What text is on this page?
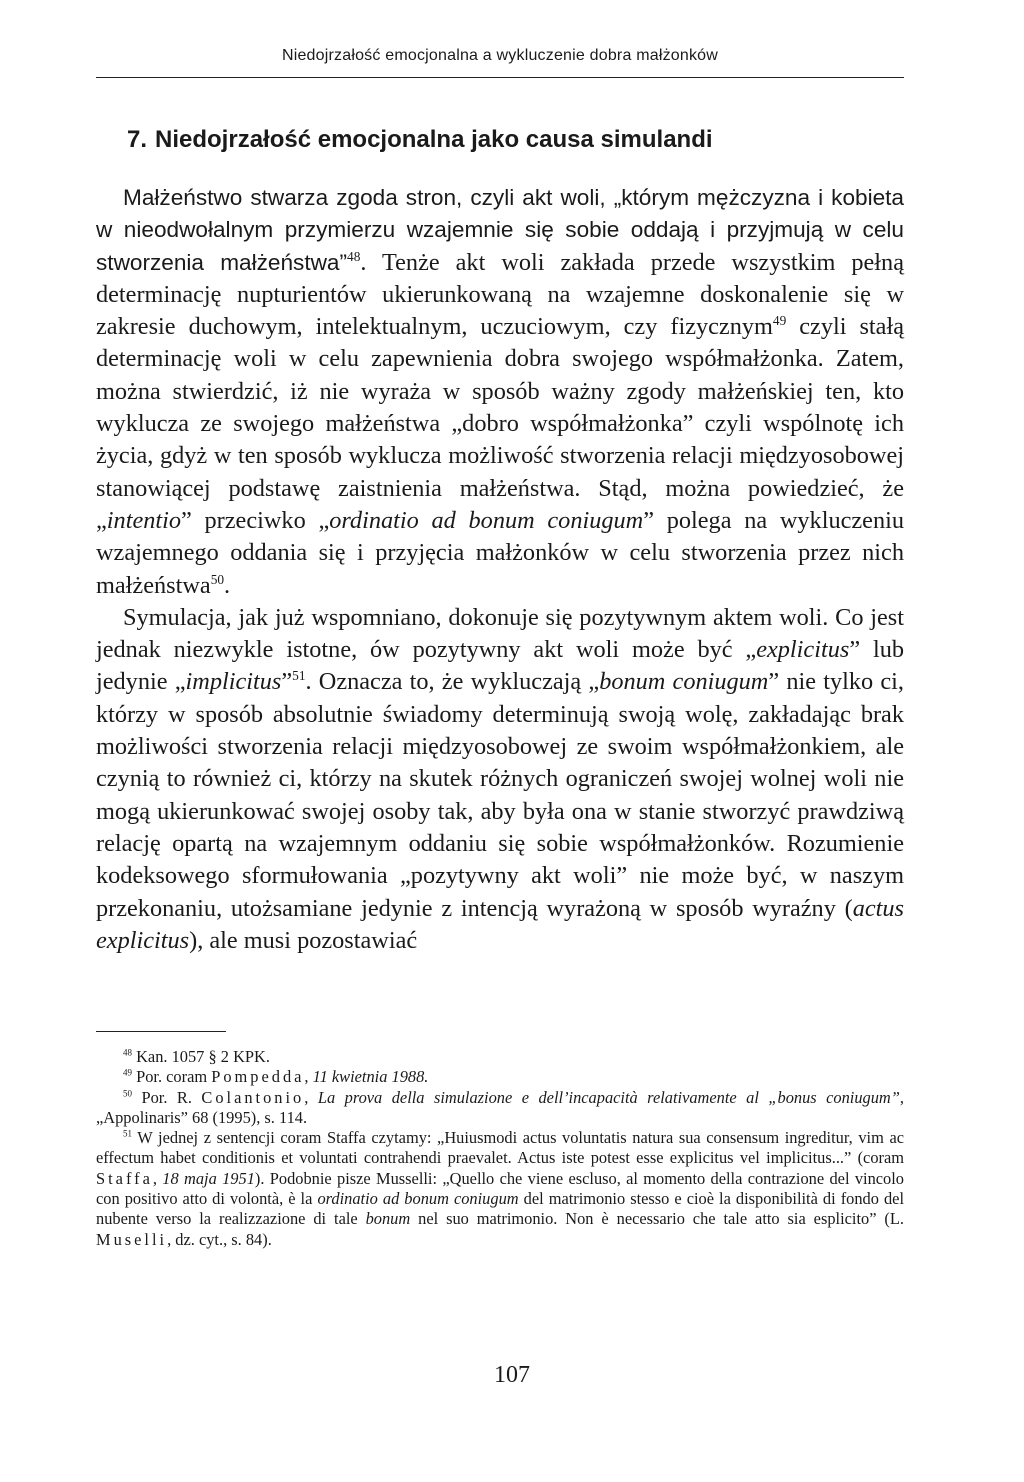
Niedojrzałość emocjonalna a wykluczenie dobra małżonków
7. Niedojrzałość emocjonalna jako causa simulandi

Małżeństwo stwarza zgoda stron, czyli akt woli, „którym mężczyzna i kobieta w nieodwołalnym przymierzu wzajemnie się sobie oddają i przyjmują w celu stworzenia małżeństwa”$^{48}$. Tenże akt woli zakłada przede wszystkim pełną determinację nupturientów ukierunkowaną na wzajemne doskonalenie się w zakresie duchowym, intelektualnym, uczuciowym, czy fizycznym$^{49}$ czyli stałą determinację woli w celu zapewnienia dobra swojego współmałżonka. Zatem, można stwierdzić, iż nie wyraża w sposób ważny zgody małżeńskiej ten, kto wyklucza ze swojego małżeństwa „dobro współmałżonka” czyli wspólnotę ich życia, gdyż w ten sposób wyklucza możliwość stworzenia relacji międzyosobowej stanowiącej podstawę zaistnienia małżeństwa. Stąd, można powiedzieć, że „intentio” przeciwko „ordinatio ad bonum coniugum” polega na wykluczeniu wzajemnego oddania się i przyjęcia małżonków w celu stworzenia przez nich małżeństwa$^{50}$.

Symulacja, jak już wspomniano, dokonuje się pozytywnym aktem woli. Co jest jednak niezwykle istotne, ów pozytywny akt woli może być „explicitus” lub jedynie „implicitus”$^{51}$. Oznacza to, że wykluczają „bonum coniugum” nie tylko ci, którzy w sposób absolutnie świadomy determinują swoją wolę, zakładając brak możliwości stworzenia relacji międzyosobowej ze swoim współmałżonkiem, ale czynią to również ci, którzy na skutek różnych ograniczeń swojej wolnej woli nie mogą ukierunkować swojej osoby tak, aby była ona w stanie stworzyć prawdziwą relację opartą na wzajemnym oddaniu się sobie współmałżonków. Rozumienie kodeksowego sformułowania „pozytywny akt woli” nie może być, w naszym przekonaniu, utożsamiane jedynie z intencją wyrażoną w sposób wyraźny (actus explicitus), ale musi pozostawiać

$^{48}$ Kan. 1057 § 2 KPK.

$^{49}$ Por. coram Pompedda, 11 kwietnia 1988.

$^{50}$ Por. R. Colantonio, La prova della simulazione e dell’incapacità relativamente al „bonus coniugum”, „Appolinaris” 68 (1995), s. 114.

$^{51}$ W jednej z sentencji coram Staffa czytamy: „Huiusmodi actus voluntatis natura sua consensum ingreditur, vim ac effectum habet conditionis et voluntati contrahendi praevalet. Actus iste potest esse explicitus vel implicitus...” (coram Staffa, 18 maja 1951). Podobnie pisze Musselli: „Quello che viene escluso, al momento della contrazione del vincolo con positivo atto di volontà, è la ordinatio ad bonum coniugum del matrimonio stesso e cioè la disponibilità di fondo del nubente verso la realizzazione di tale bonum nel suo matrimonio. Non è necessario che tale atto sia esplicito” (L. Muselli, dz. cyt., s. 84).

107
